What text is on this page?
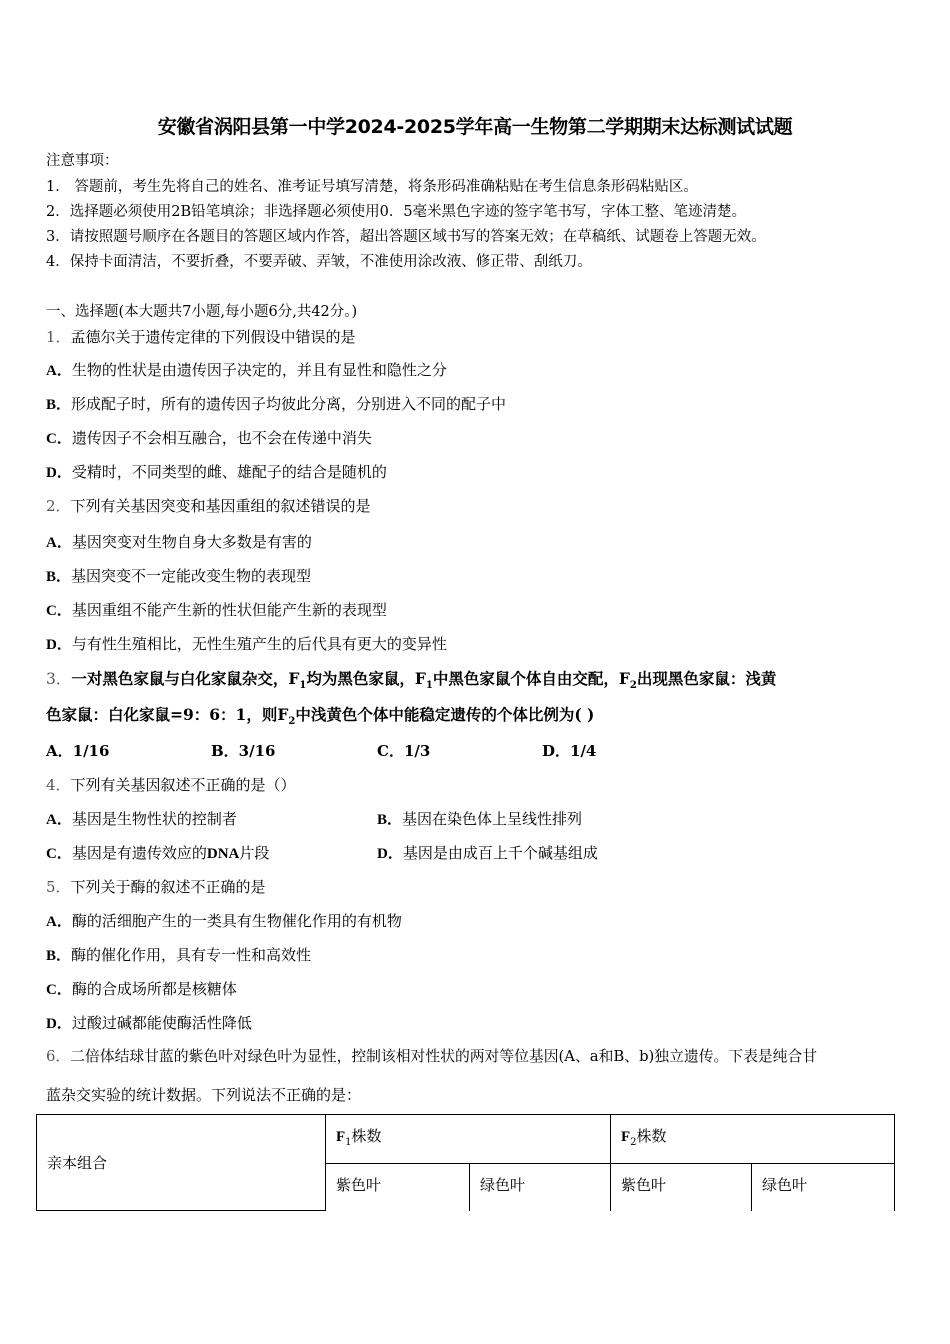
安徽省涡阳县第一中学2024-2025学年高一生物第二学期期末达标测试试题
注意事项：
1． 答题前，考生先将自己的姓名、准考证号填写清楚，将条形码准确粘贴在考生信息条形码粘贴区。
2．选择题必须使用2B铅笔填涂；非选择题必须使用0．5毫米黑色字迹的签字笔书写，字体工整、笔迹清楚。
3．请按照题号顺序在各题目的答题区域内作答，超出答题区域书写的答案无效；在草稿纸、试题卷上答题无效。
4．保持卡面清洁，不要折叠，不要弄破、弄皱，不准使用涂改液、修正带、刮纸刀。
一、选择题(本大题共7小题,每小题6分,共42分。)
1．孟德尔关于遗传定律的下列假设中错误的是
A．生物的性状是由遗传因子决定的，并且有显性和隐性之分
B．形成配子时，所有的遗传因子均彼此分离，分别进入不同的配子中
C．遗传因子不会相互融合，也不会在传递中消失
D．受精时，不同类型的雌、雄配子的结合是随机的
2．下列有关基因突变和基因重组的叙述错误的是
A．基因突变对生物自身大多数是有害的
B．基因突变不一定能改变生物的表现型
C．基因重组不能产生新的性状但能产生新的表现型
D．与有性生殖相比，无性生殖产生的后代具有更大的变异性
3．一对黑色家鼠与白化家鼠杂交，$F_1$均为黑色家鼠，$F_1$中黑色家鼠个体自由交配，$F_2$出现黑色家鼠：浅黄
色家鼠：白化家鼠=9：6：1，则$F_2$中浅黄色个体中能稳定遗传的个体比例为( )
A．1/16	B．3/16	C．1/3	D．1/4
4．下列有关基因叙述不正确的是（）
A．基因是生物性状的控制者	B．基因在染色体上呈线性排列
C．基因是有遗传效应的DNA片段	D．基因是由成百上千个碱基组成
5．下列关于酶的叙述不正确的是
A．酶的活细胞产生的一类具有生物催化作用的有机物
B．酶的催化作用，具有专一性和高效性
C．酶的合成场所都是核糖体
D．过酸过碱都能使酶活性降低
6．二倍体结球甘蓝的紫色叶对绿色叶为显性，控制该相对性状的两对等位基因(A、a和B、b)独立遗传。下表是纯合甘
蓝杂交实验的统计数据。下列说法不正确的是：
亲本组合	$F_1$株数		$F_2$株数	
	紫色叶	绿色叶	紫色叶	绿色叶
